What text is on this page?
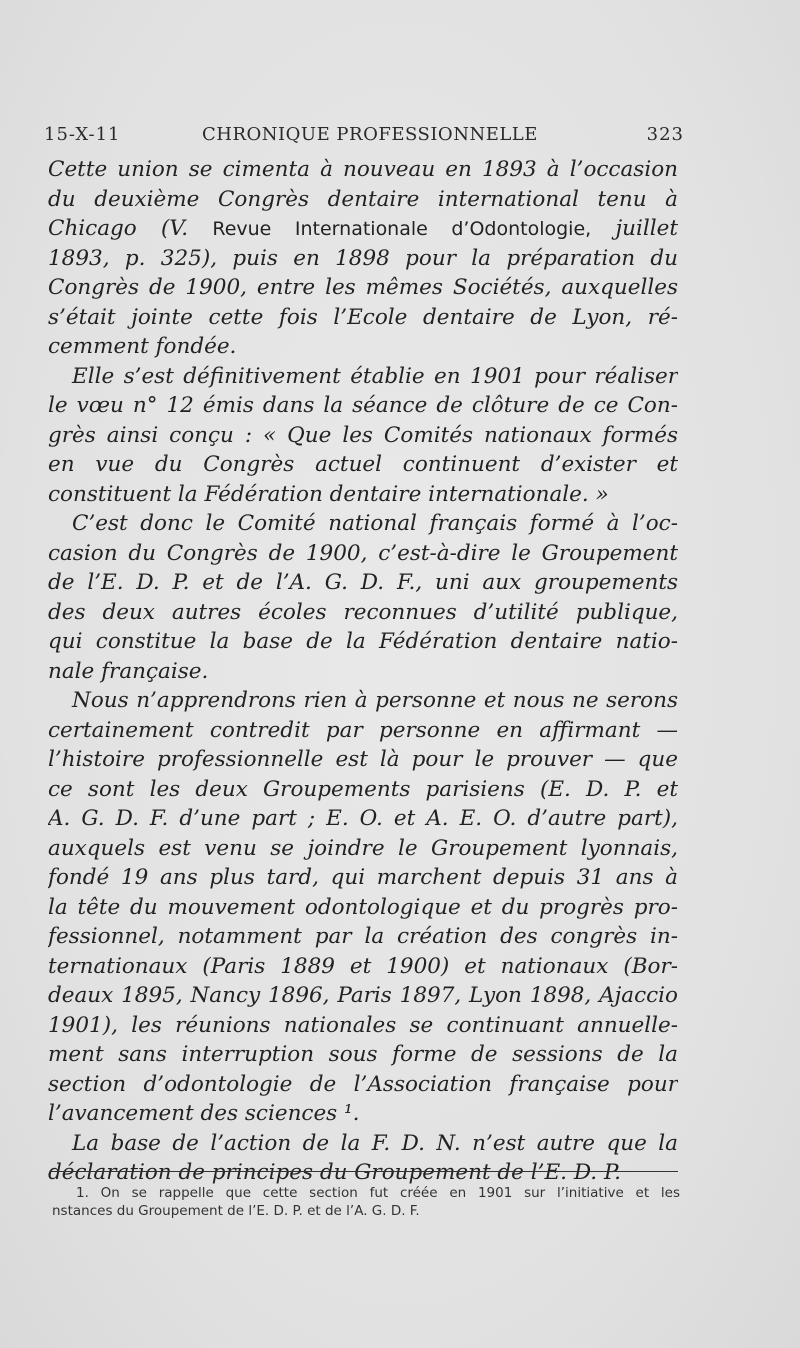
15-X-11	CHRONIQUE PROFESSIONNELLE	323
Cette union se cimenta à nouveau en 1893 à l’occasion
du deuxième Congrès dentaire international tenu à
Chicago (V. Revue Internationale d’Odontologie, juillet
1893, p. 325), puis en 1898 pour la préparation du
Congrès de 1900, entre les mêmes Sociétés, auxquelles
s’était jointe cette fois l’Ecole dentaire de Lyon, ré-
cemment fondée.
Elle s’est définitivement établie en 1901 pour réaliser
le vœu n° 12 émis dans la séance de clôture de ce Con-
grès ainsi conçu : « Que les Comités nationaux formés
en vue du Congrès actuel continuent d’exister et
constituent la Fédération dentaire internationale. »
C’est donc le Comité national français formé à l’oc-
casion du Congrès de 1900, c’est-à-dire le Groupement
de l’E. D. P. et de l’A. G. D. F., uni aux groupements
des deux autres écoles reconnues d’utilité publique,
qui constitue la base de la Fédération dentaire natio-
nale française.
Nous n’apprendrons rien à personne et nous ne serons
certainement contredit par personne en affirmant —
l’histoire professionnelle est là pour le prouver — que
ce sont les deux Groupements parisiens (E. D. P. et
A. G. D. F. d’une part ; E. O. et A. E. O. d’autre part),
auxquels est venu se joindre le Groupement lyonnais,
fondé 19 ans plus tard, qui marchent depuis 31 ans à
la tête du mouvement odontologique et du progrès pro-
fessionnel, notamment par la création des congrès in-
ternationaux (Paris 1889 et 1900) et nationaux (Bor-
deaux 1895, Nancy 1896, Paris 1897, Lyon 1898, Ajaccio
1901), les réunions nationales se continuant annuelle-
ment sans interruption sous forme de sessions de la
section d’odontologie de l’Association française pour
l’avancement des sciences ¹.
La base de l’action de la F. D. N. n’est autre que la
déclaration de principes du Groupement de l’E. D. P.
1. On se rappelle que cette section fut créée en 1901 sur l’initiative et les
nstances du Groupement de l’E. D. P. et de l’A. G. D. F.
